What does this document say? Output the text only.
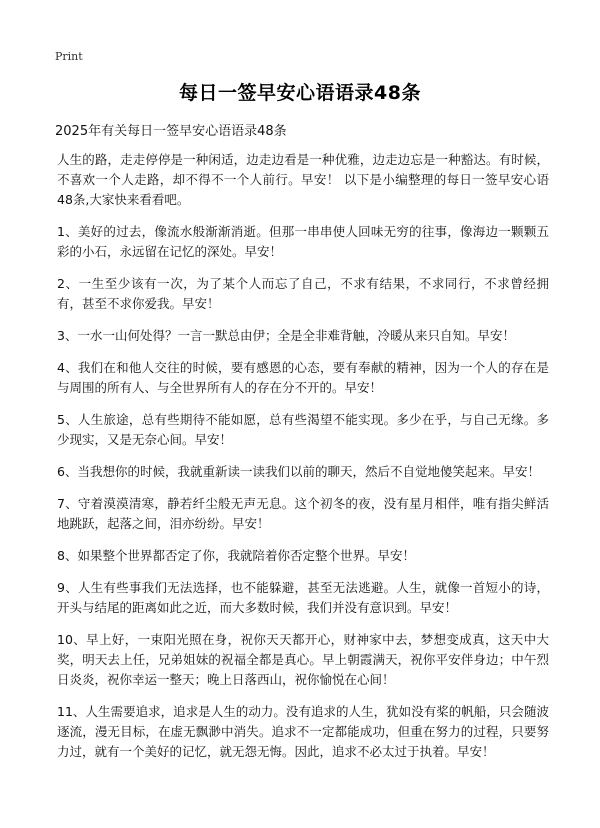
Print
每日一签早安心语语录48条
2025年有关每日一签早安心语语录48条

人生的路，走走停停是一种闲适，边走边看是一种优雅，边走边忘是一种豁达。有时候，不喜欢一个人走路，却不得不一个人前行。早安！ 以下是小编整理的每日一签早安心语48条,大家快来看看吧。

1、美好的过去，像流水般渐渐消逝。但那一串串使人回味无穷的往事，像海边一颗颗五彩的小石，永远留在记忆的深处。早安！

2、一生至少该有一次，为了某个人而忘了自己，不求有结果，不求同行，不求曾经拥有，甚至不求你爱我。早安！

3、一水一山何处得？一言一默总由伊；全是全非难背触，冷暖从来只自知。早安！

4、我们在和他人交往的时候，要有感恩的心态，要有奉献的精神，因为一个人的存在是与周围的所有人、与全世界所有人的存在分不开的。早安！

5、人生旅途，总有些期待不能如愿，总有些渴望不能实现。多少在乎，与自己无缘。多少现实，又是无奈心间。早安！

6、当我想你的时候，我就重新读一读我们以前的聊天，然后不自觉地傻笑起来。早安！

7、守着漠漠清寒，静若纤尘般无声无息。这个初冬的夜，没有星月相伴，唯有指尖鲜活地跳跃，起落之间，泪亦纷纷。早安！

8、如果整个世界都否定了你，我就陪着你否定整个世界。早安！

9、人生有些事我们无法选择，也不能躲避，甚至无法逃避。人生，就像一首短小的诗，开头与结尾的距离如此之近，而大多数时候，我们并没有意识到。早安！

10、早上好，一束阳光照在身，祝你天天都开心，财神家中去，梦想变成真，这天中大奖，明天去上任，兄弟姐妹的祝福全都是真心。早上朝霞满天，祝你平安伴身边；中午烈日炎炎，祝你幸运一整天；晚上日落西山，祝你愉悦在心间！

11、人生需要追求，追求是人生的动力。没有追求的人生，犹如没有桨的帆船，只会随波逐流，漫无目标，在虚无飘渺中消失。追求不一定都能成功，但重在努力的过程，只要努力过，就有一个美好的记忆，就无怨无悔。因此，追求不必太过于执着。早安！
